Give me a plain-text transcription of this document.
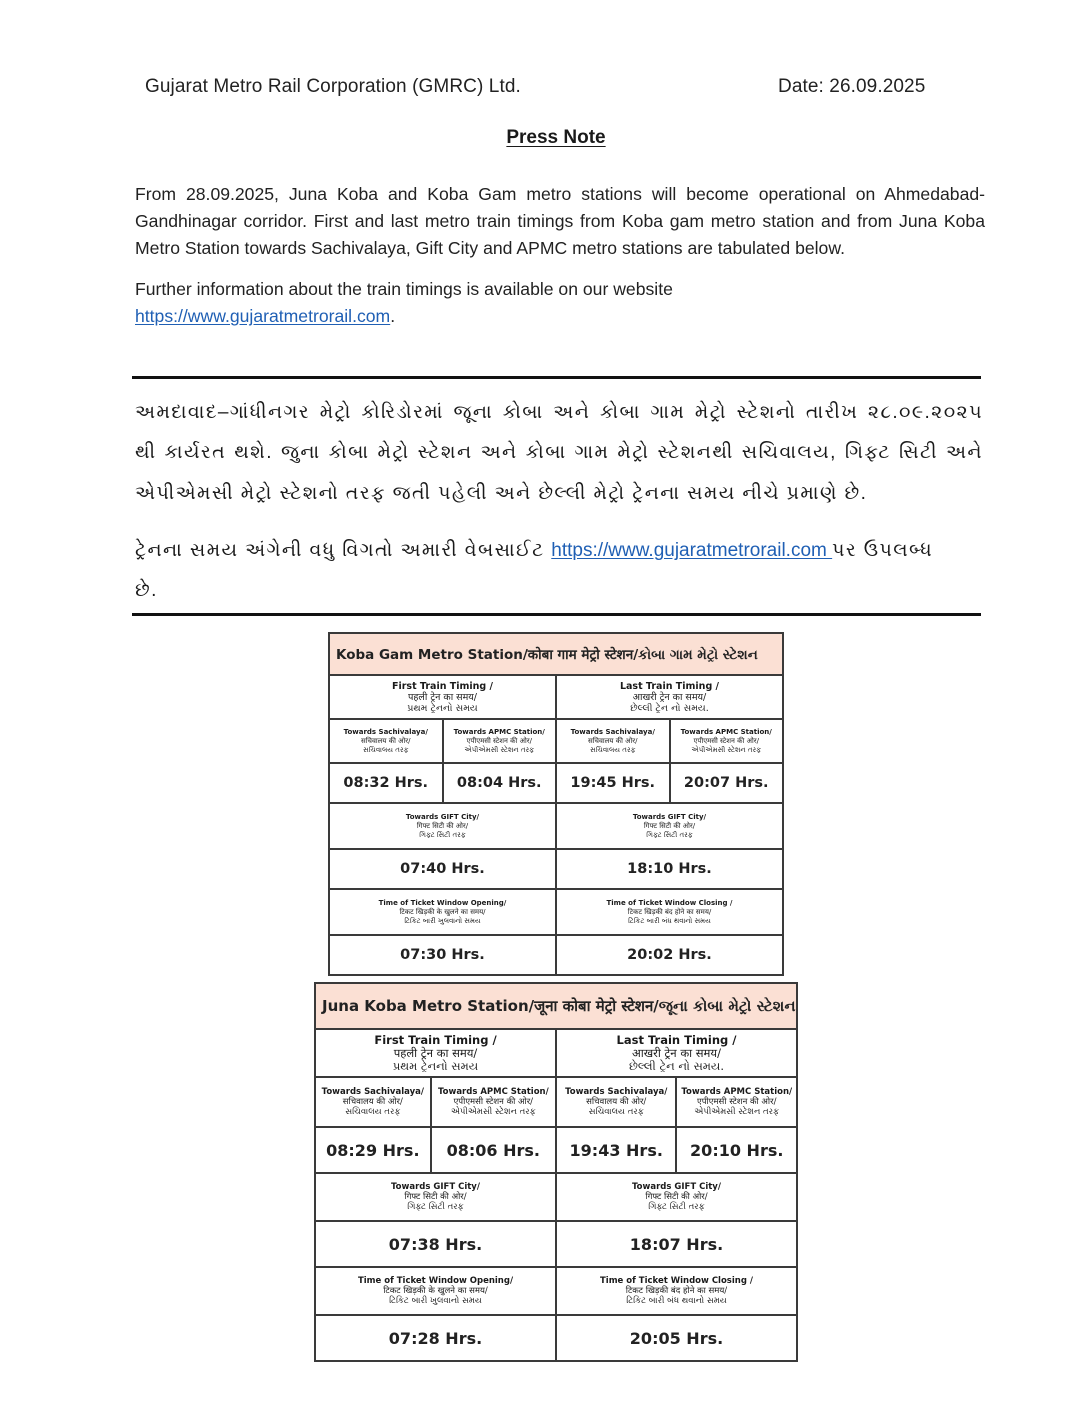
Gujarat Metro Rail Corporation (GMRC) Ltd.	Date: 26.09.2025
Press Note
From 28.09.2025, Juna Koba and Koba Gam metro stations will become operational on Ahmedabad-Gandhinagar corridor. First and last metro train timings from Koba gam metro station and from Juna Koba Metro Station towards Sachivalaya, Gift City and APMC metro stations are tabulated below.
Further information about the train timings is available on our website
https://www.gujaratmetrorail.com.
અમદાવાદ–ગાંધીનગર મેટ્રો કોરિડોરમાં જૂના કોબા અને કોબા ગામ મેટ્રો સ્ટેશનો તારીખ ૨૮.૦૯.૨૦૨૫
થી કાર્યરત થશે. જુના કોબા મેટ્રો સ્ટેશન અને કોબા ગામ મેટ્રો સ્ટેશનથી સચિવાલય, ગિફ્ટ સિટી અને
એપીએમસી મેટ્રો સ્ટેશનો તરફ જતી પહેલી અને છેલ્લી મેટ્રો ટ્રેનના સમય નીચે પ્રમાણે છે.
ટ્રેનના સમય અંગેની વધુ વિગતો અમારી વેબસાઈટ https://www.gujaratmetrorail.com પર ઉપલબ્ધ
છે.
Koba Gam Metro Station/कोबा गाम मेट्रो स्टेशन/કોબા ગામ મેટ્રો સ્ટેશન			

First Train Timing /
पहली ट्रेन का समय/
પ્રથમ ટ્રેનનો સમય		Last Train Timing /
आखरी ट्रेन का समय/
છેલ્લી ટ્રેન નો સમય.	

Towards Sachivalaya/
सचिवालय की ओर/
સચિવાલય તરફ	Towards APMC Station/
एपीएमसी स्टेशन की ओर/
એપીએમસી સ્ટેશન તરફ	Towards Sachivalaya/
सचिवालय की ओर/
સચિવાલય તરફ	Towards APMC Station/
एपीएमसी स्टेशन की ओर/
એપીએમસી સ્ટેશન તરફ

08:32 Hrs.	08:04 Hrs.	19:45 Hrs.	20:07 Hrs.

Towards GIFT City/
गिफ्ट सिटी की ओर/
ગિફ્ટ સિટી તરફ		Towards GIFT City/
गिफ्ट सिटी की ओर/
ગિફ્ટ સિટી તરફ	

07:40 Hrs.		18:10 Hrs.	

Time of Ticket Window Opening/
टिकट खिड़की के खुलने का समय/
ટિકિટ બારી ખુલવાનો સમય		Time of Ticket Window Closing /
टिकट खिड़की बंद होने का समय/
ટિકિટ બારી બંધ થવાનો સમય	

07:30 Hrs.		20:02 Hrs.	
Juna Koba Metro Station/जूना कोबा मेट्रो स्टेशन/જૂના કોબા મેટ્રો સ્ટેશન			

First Train Timing /
पहली ट्रेन का समय/
પ્રથમ ટ્રેનનો સમય		Last Train Timing /
आखरी ट्रेन का समय/
છેલ્લી ટ્રેન નો સમય.	

Towards Sachivalaya/
सचिवालय की ओर/
સચિવાલય તરફ	Towards APMC Station/
एपीएमसी स्टेशन की ओर/
એપીએમસી સ્ટેશન તરફ	Towards Sachivalaya/
सचिवालय की ओर/
સચિવાલય તરફ	Towards APMC Station/
एपीएमसी स्टेशन की ओर/
એપીએમસી સ્ટેશન તરફ

08:29 Hrs.	08:06 Hrs.	19:43 Hrs.	20:10 Hrs.

Towards GIFT City/
गिफ्ट सिटी की ओर/
ગિફ્ટ સિટી તરફ		Towards GIFT City/
गिफ्ट सिटी की ओर/
ગિફ્ટ સિટી તરફ	

07:38 Hrs.		18:07 Hrs.	

Time of Ticket Window Opening/
टिकट खिड़की के खुलने का समय/
ટિકિટ બારી ખુલવાનો સમય		Time of Ticket Window Closing /
टिकट खिड़की बंद होने का समय/
ટિકિટ બારી બંધ થવાનો સમય	

07:28 Hrs.		20:05 Hrs.	
